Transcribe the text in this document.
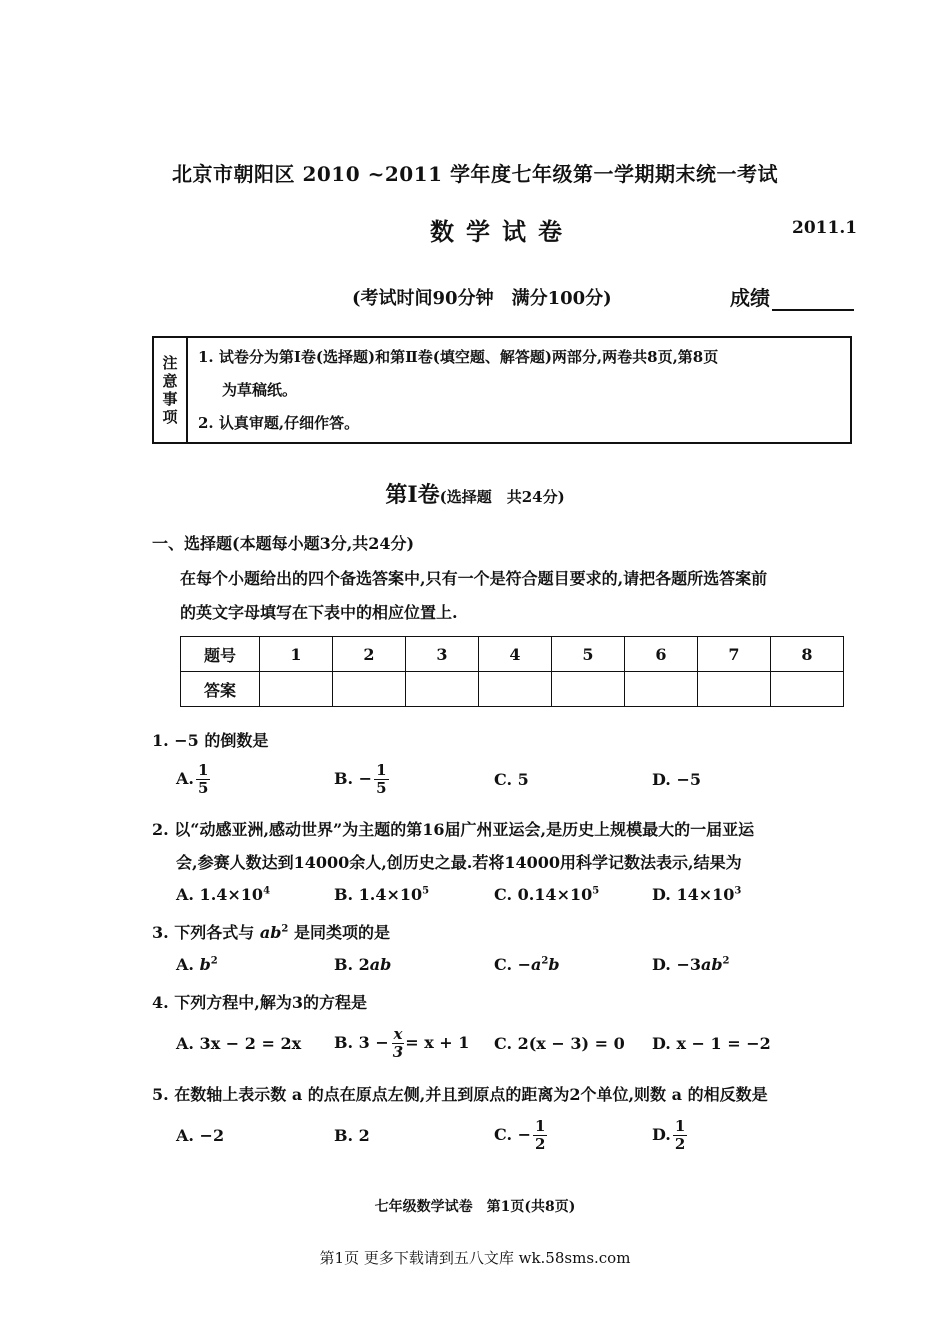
北京市朝阳区 2010 ~2011 学年度七年级第一学期期末统一考试
数学试卷	2011.1
(考试时间90分钟　满分100分)	成绩
注
意
事
项
1. 试卷分为第Ⅰ卷(选择题)和第Ⅱ卷(填空题、解答题)两部分,两卷共8页,第8页
为草稿纸。
2. 认真审题,仔细作答。
第Ⅰ卷(选择题　共24分)
一、选择题(本题每小题3分,共24分)
在每个小题给出的四个备选答案中,只有一个是符合题目要求的,请把各题所选答案前
的英文字母填写在下表中的相应位置上.
题号	1	2	3	4	5	6	7	8
答案								
1. −5 的倒数是
A. $\frac{1}{5}$	B. − $\frac{1}{5}$	C. 5	D. −5
2. 以“动感亚洲,感动世界”为主题的第16届广州亚运会,是历史上规模最大的一届亚运
会,参赛人数达到14000余人,创历史之最.若将14000用科学记数法表示,结果为
A. $1.4\times 10^4$	B. $1.4\times 10^5$	C. $0.14\times 10^5$	D. $14\times 10^3$
3. 下列各式与 $ab^2$ 是同类项的是
A. $b^2$	B. 2ab	C. $-a^2b$	D. $-3ab^2$
4. 下列方程中,解为3的方程是
A. 3x − 2 = 2x B. $3 - \frac{x}{3} = x + 1$ C. 2(x − 3) = 0 D. x − 1 = −2
5. 在数轴上表示数 a 的点在原点左侧,并且到原点的距离为2个单位,则数 a 的相反数是
A. −2	B. 2	C. − $\frac{1}{2}$	D. $\frac{1}{2}$
七年级数学试卷　第1页(共8页)
第1页 更多下载请到五八文库 wk.58sms.com
